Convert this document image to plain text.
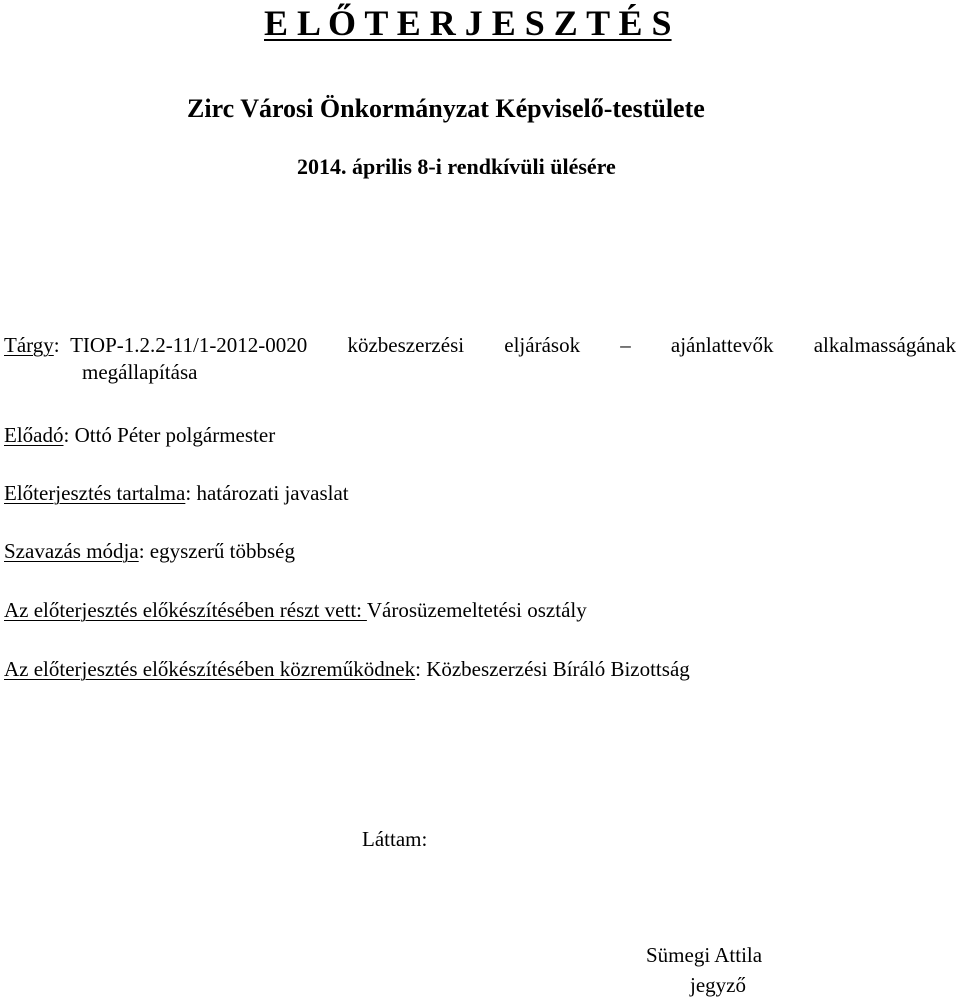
E L Ő T E R J E S Z T É S
Zirc Városi Önkormányzat Képviselő-testülete
2014. április 8-i rendkívüli ülésére
Tárgy:  TIOP-1.2.2-11/1-2012-0020 közbeszerzési eljárások – ajánlattevők alkalmasságának
megállapítása
Előadó: Ottó Péter polgármester
Előterjesztés tartalma: határozati javaslat
Szavazás módja: egyszerű többség
Az előterjesztés előkészítésében részt vett: Városüzemeltetési osztály
Az előterjesztés előkészítésében közreműködnek: Közbeszerzési Bíráló Bizottság
Láttam:
Sümegi Attila
jegyző
